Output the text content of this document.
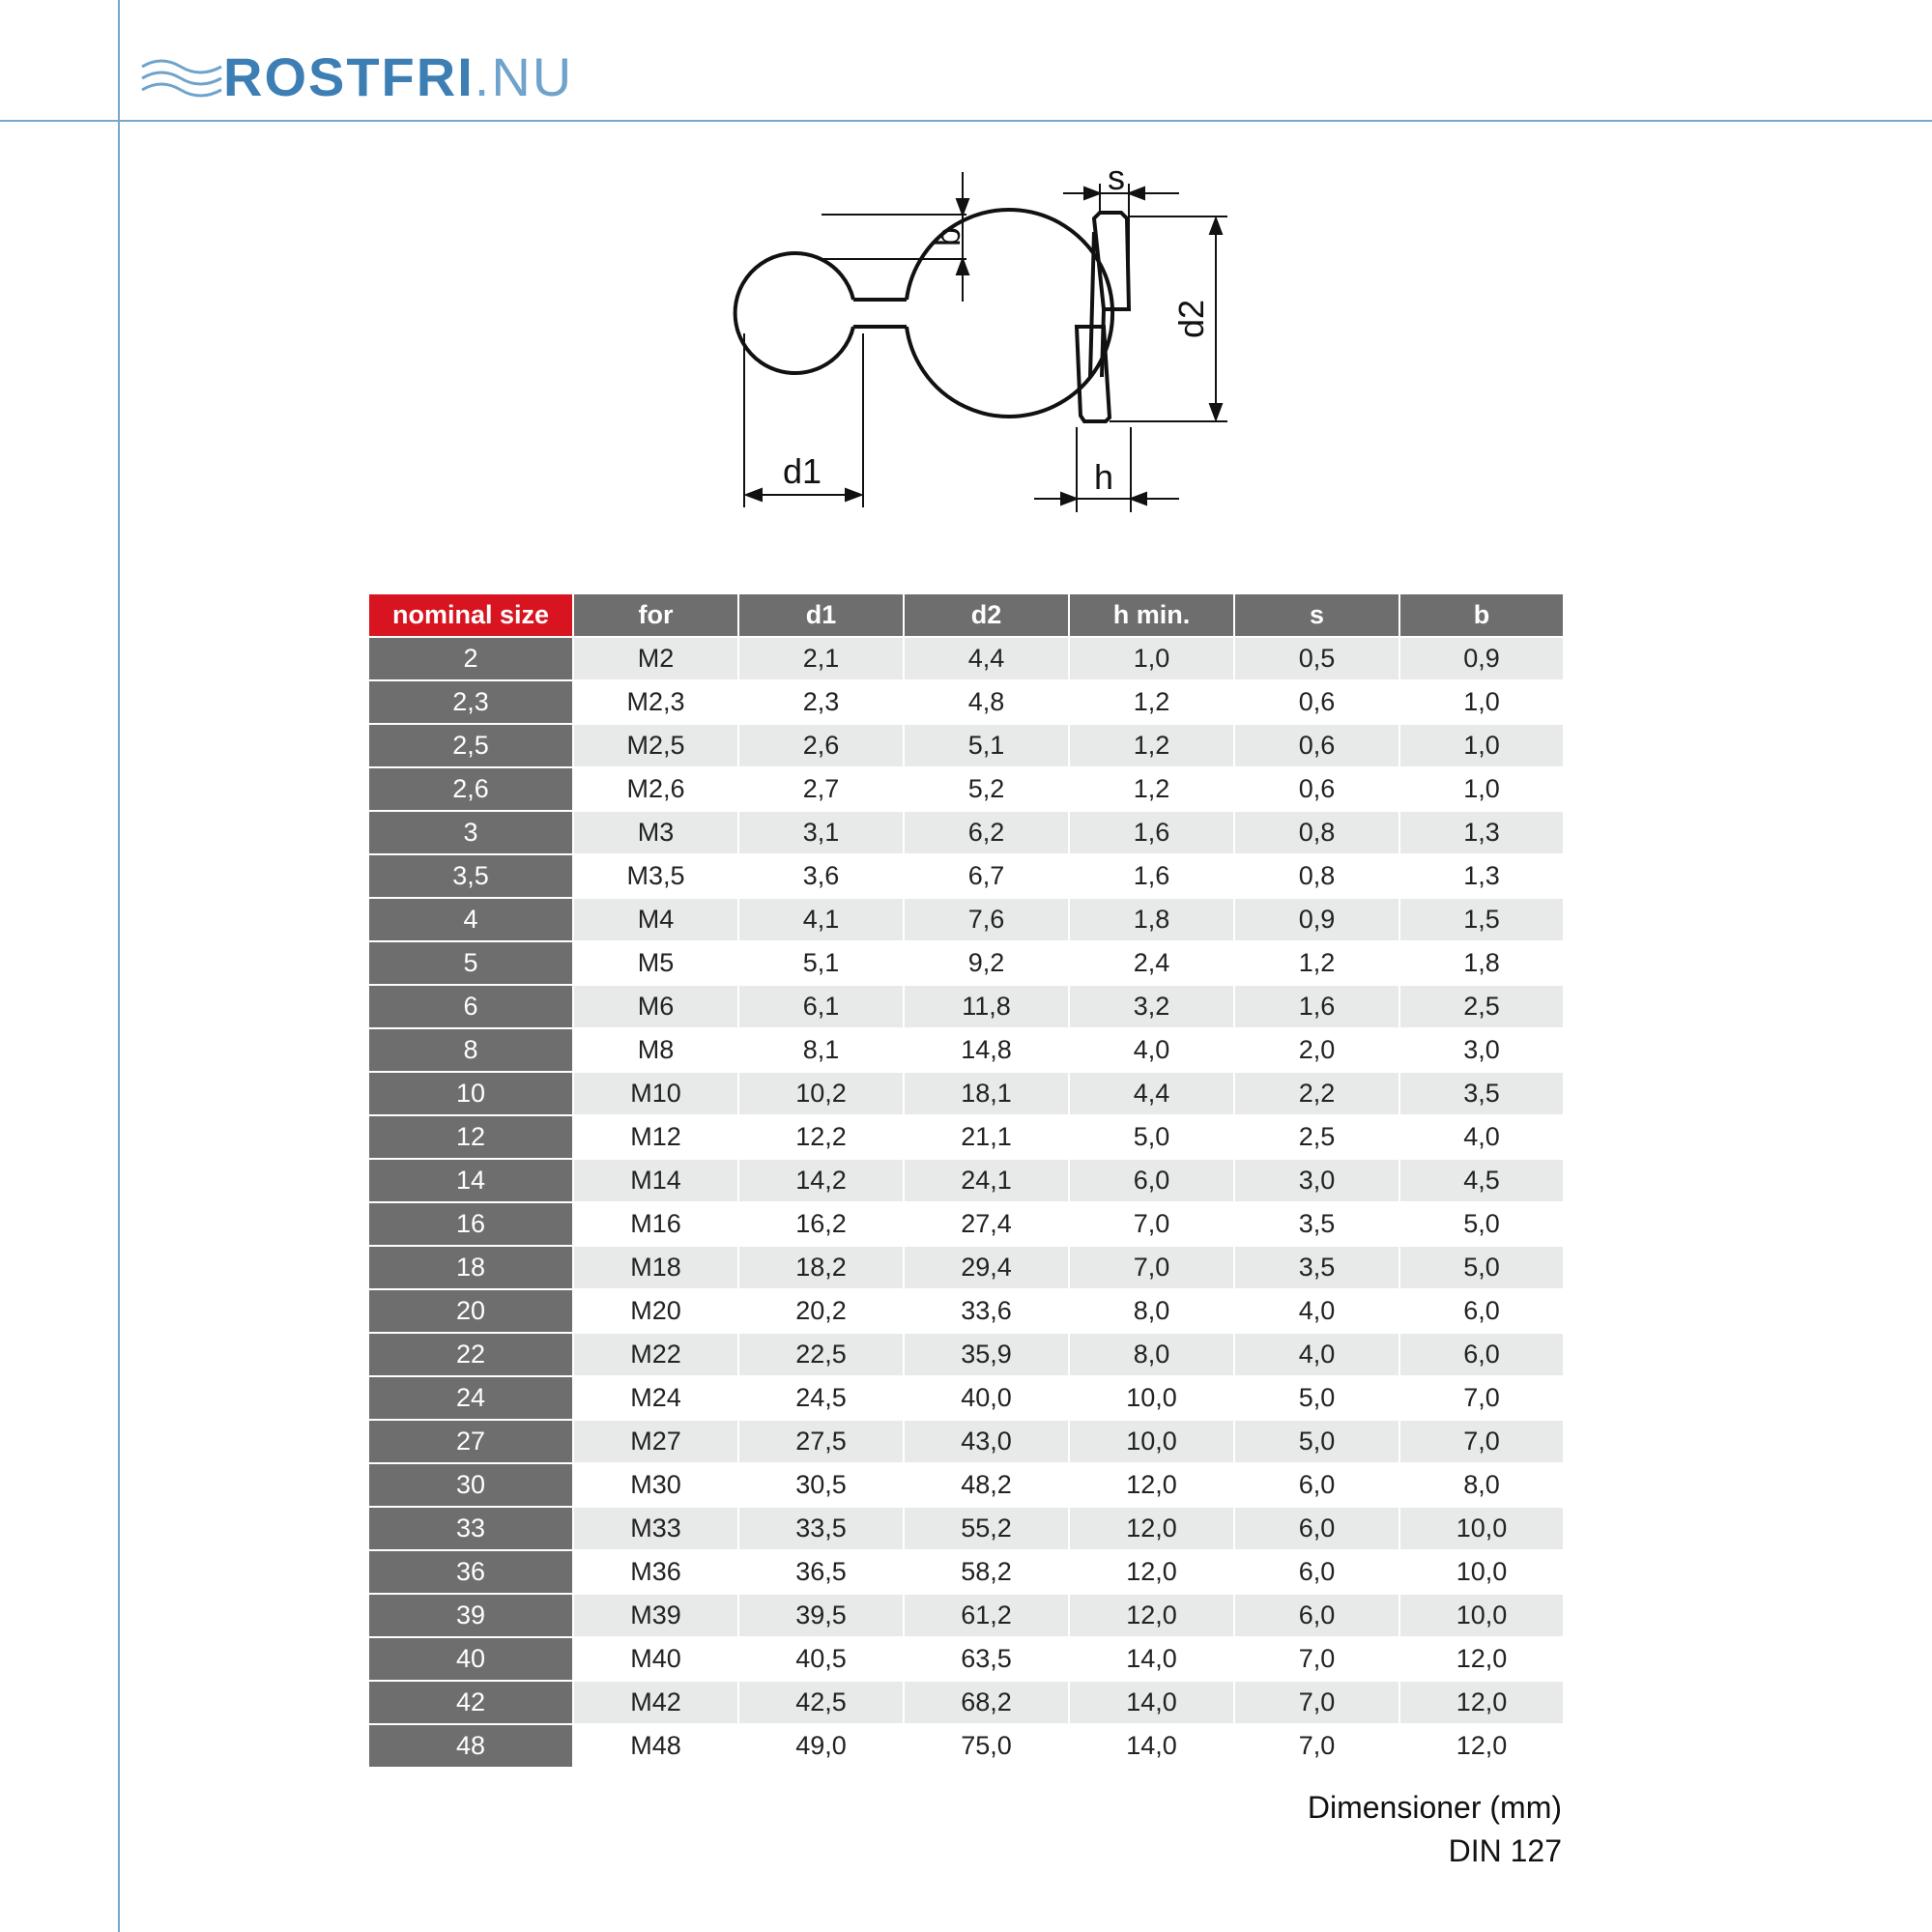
ROSTFRI .NU
d1
b
s
d2
h
nominal size	for	d1	d2	h min.	s	b
2	M2	2,1	4,4	1,0	0,5	0,9
2,3	M2,3	2,3	4,8	1,2	0,6	1,0
2,5	M2,5	2,6	5,1	1,2	0,6	1,0
2,6	M2,6	2,7	5,2	1,2	0,6	1,0
3	M3	3,1	6,2	1,6	0,8	1,3
3,5	M3,5	3,6	6,7	1,6	0,8	1,3
4	M4	4,1	7,6	1,8	0,9	1,5
5	M5	5,1	9,2	2,4	1,2	1,8
6	M6	6,1	11,8	3,2	1,6	2,5
8	M8	8,1	14,8	4,0	2,0	3,0
10	M10	10,2	18,1	4,4	2,2	3,5
12	M12	12,2	21,1	5,0	2,5	4,0
14	M14	14,2	24,1	6,0	3,0	4,5
16	M16	16,2	27,4	7,0	3,5	5,0
18	M18	18,2	29,4	7,0	3,5	5,0
20	M20	20,2	33,6	8,0	4,0	6,0
22	M22	22,5	35,9	8,0	4,0	6,0
24	M24	24,5	40,0	10,0	5,0	7,0
27	M27	27,5	43,0	10,0	5,0	7,0
30	M30	30,5	48,2	12,0	6,0	8,0
33	M33	33,5	55,2	12,0	6,0	10,0
36	M36	36,5	58,2	12,0	6,0	10,0
39	M39	39,5	61,2	12,0	6,0	10,0
40	M40	40,5	63,5	14,0	7,0	12,0
42	M42	42,5	68,2	14,0	7,0	12,0
48	M48	49,0	75,0	14,0	7,0	12,0
Dimensioner (mm)
DIN 127
